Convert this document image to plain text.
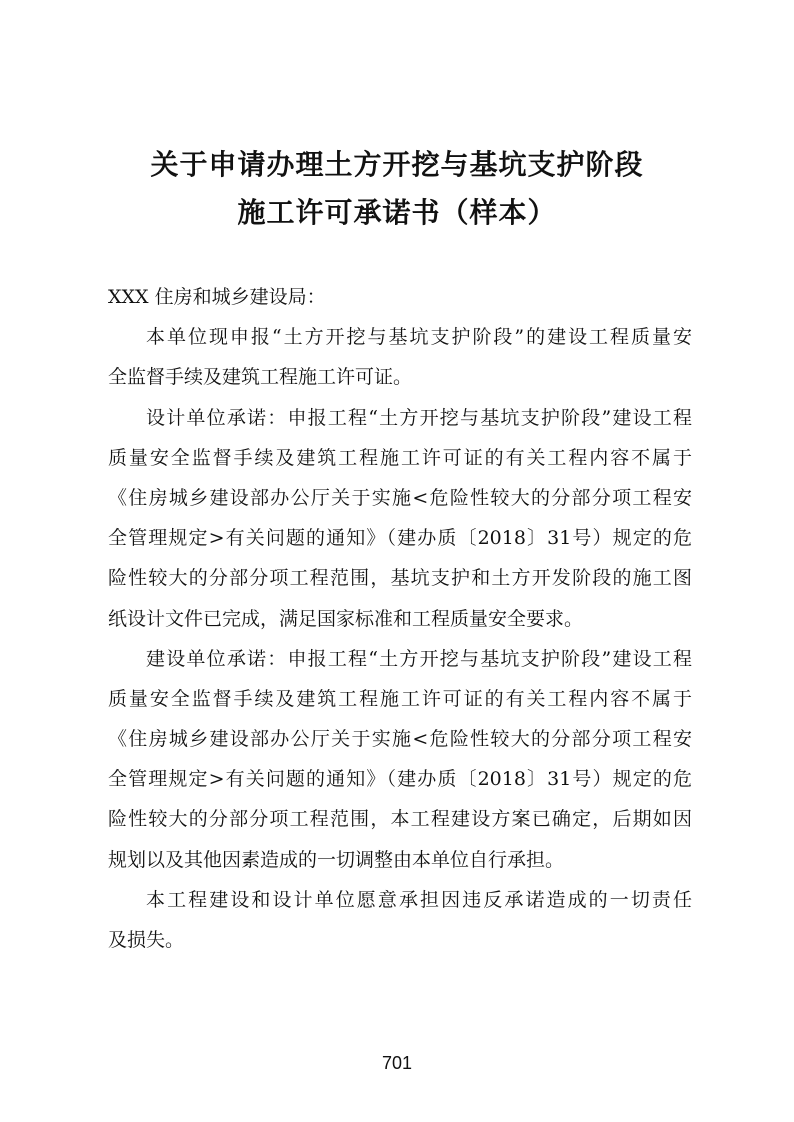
关于申请办理土方开挖与基坑支护阶段
施工许可承诺书（样本）
XXX 住房和城乡建设局：
本单位现申报“土方开挖与基坑支护阶段”的建设工程质量安
全监督手续及建筑工程施工许可证。
设计单位承诺：申报工程“土方开挖与基坑支护阶段”建设工程
质量安全监督手续及建筑工程施工许可证的有关工程内容不属于
《住房城乡建设部办公厅关于实施<危险性较大的分部分项工程安
全管理规定>有关问题的通知》（建办质〔2018〕31号）规定的危
险性较大的分部分项工程范围，基坑支护和土方开发阶段的施工图
纸设计文件已完成，满足国家标准和工程质量安全要求。
建设单位承诺：申报工程“土方开挖与基坑支护阶段”建设工程
质量安全监督手续及建筑工程施工许可证的有关工程内容不属于
《住房城乡建设部办公厅关于实施<危险性较大的分部分项工程安
全管理规定>有关问题的通知》（建办质〔2018〕31号）规定的危
险性较大的分部分项工程范围，本工程建设方案已确定，后期如因
规划以及其他因素造成的一切调整由本单位自行承担。
本工程建设和设计单位愿意承担因违反承诺造成的一切责任
及损失。
701
